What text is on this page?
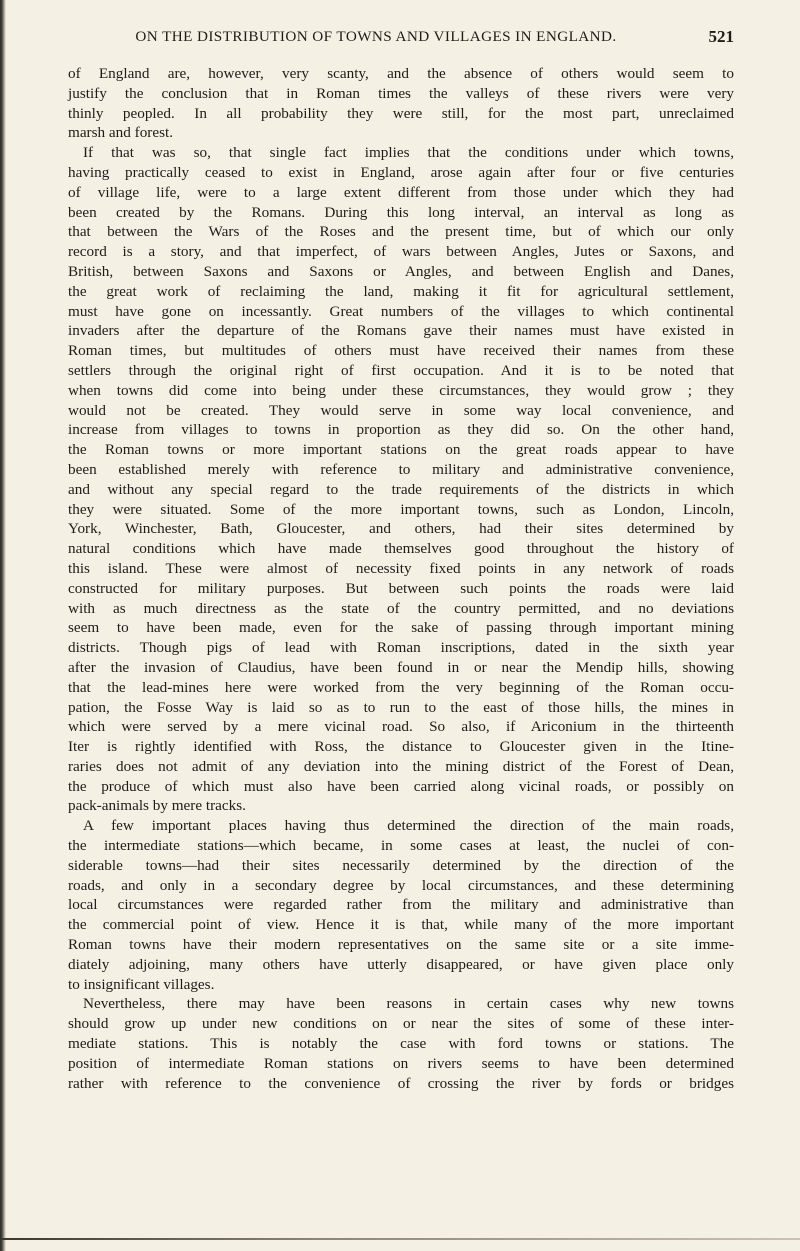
ON THE DISTRIBUTION OF TOWNS AND VILLAGES IN ENGLAND.	521
of England are, however, very scanty, and the absence of others would seem to
justify the conclusion that in Roman times the valleys of these rivers were very
thinly peopled. In all probability they were still, for the most part, unreclaimed
marsh and forest.
If that was so, that single fact implies that the conditions under which towns,
having practically ceased to exist in England, arose again after four or five centuries
of village life, were to a large extent different from those under which they had
been created by the Romans. During this long interval, an interval as long as
that between the Wars of the Roses and the present time, but of which our only
record is a story, and that imperfect, of wars between Angles, Jutes or Saxons, and
British, between Saxons and Saxons or Angles, and between English and Danes,
the great work of reclaiming the land, making it fit for agricultural settlement,
must have gone on incessantly. Great numbers of the villages to which continental
invaders after the departure of the Romans gave their names must have existed in
Roman times, but multitudes of others must have received their names from these
settlers through the original right of first occupation. And it is to be noted that
when towns did come into being under these circumstances, they would grow ; they
would not be created. They would serve in some way local convenience, and
increase from villages to towns in proportion as they did so. On the other hand,
the Roman towns or more important stations on the great roads appear to have
been established merely with reference to military and administrative convenience,
and without any special regard to the trade requirements of the districts in which
they were situated. Some of the more important towns, such as London, Lincoln,
York, Winchester, Bath, Gloucester, and others, had their sites determined by
natural conditions which have made themselves good throughout the history of
this island. These were almost of necessity fixed points in any network of roads
constructed for military purposes. But between such points the roads were laid
with as much directness as the state of the country permitted, and no deviations
seem to have been made, even for the sake of passing through important mining
districts. Though pigs of lead with Roman inscriptions, dated in the sixth year
after the invasion of Claudius, have been found in or near the Mendip hills, showing
that the lead-mines here were worked from the very beginning of the Roman occu-
pation, the Fosse Way is laid so as to run to the east of those hills, the mines in
which were served by a mere vicinal road. So also, if Ariconium in the thirteenth
Iter is rightly identified with Ross, the distance to Gloucester given in the Itine-
raries does not admit of any deviation into the mining district of the Forest of Dean,
the produce of which must also have been carried along vicinal roads, or possibly on
pack-animals by mere tracks.
A few important places having thus determined the direction of the main roads,
the intermediate stations—which became, in some cases at least, the nuclei of con-
siderable towns—had their sites necessarily determined by the direction of the
roads, and only in a secondary degree by local circumstances, and these determining
local circumstances were regarded rather from the military and administrative than
the commercial point of view. Hence it is that, while many of the more important
Roman towns have their modern representatives on the same site or a site imme-
diately adjoining, many others have utterly disappeared, or have given place only
to insignificant villages.
Nevertheless, there may have been reasons in certain cases why new towns
should grow up under new conditions on or near the sites of some of these inter-
mediate stations. This is notably the case with ford towns or stations. The
position of intermediate Roman stations on rivers seems to have been determined
rather with reference to the convenience of crossing the river by fords or bridges
